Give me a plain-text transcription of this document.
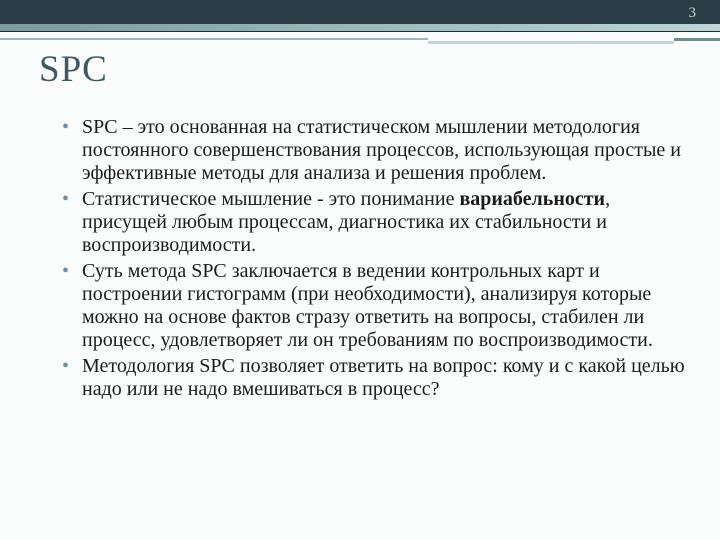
3
SPC
• SPC – это основанная на статистическом мышлении методология постоянного совершенствования процессов, использующая простые и эффективные методы для анализа и решения проблем.
• Статистическое мышление - это понимание вариабельности, присущей любым процессам, диагностика их стабильности и воспроизводимости.
• Суть метода SPC заключается в ведении контрольных карт и построении гистограмм (при необходимости), анализируя которые можно на основе фактов стразу ответить на вопросы, стабилен ли процесс, удовлетворяет ли он требованиям по воспроизводимости.
• Методология SPC позволяет ответить на вопрос: кому и с какой целью надо или не надо вмешиваться в процесс?
